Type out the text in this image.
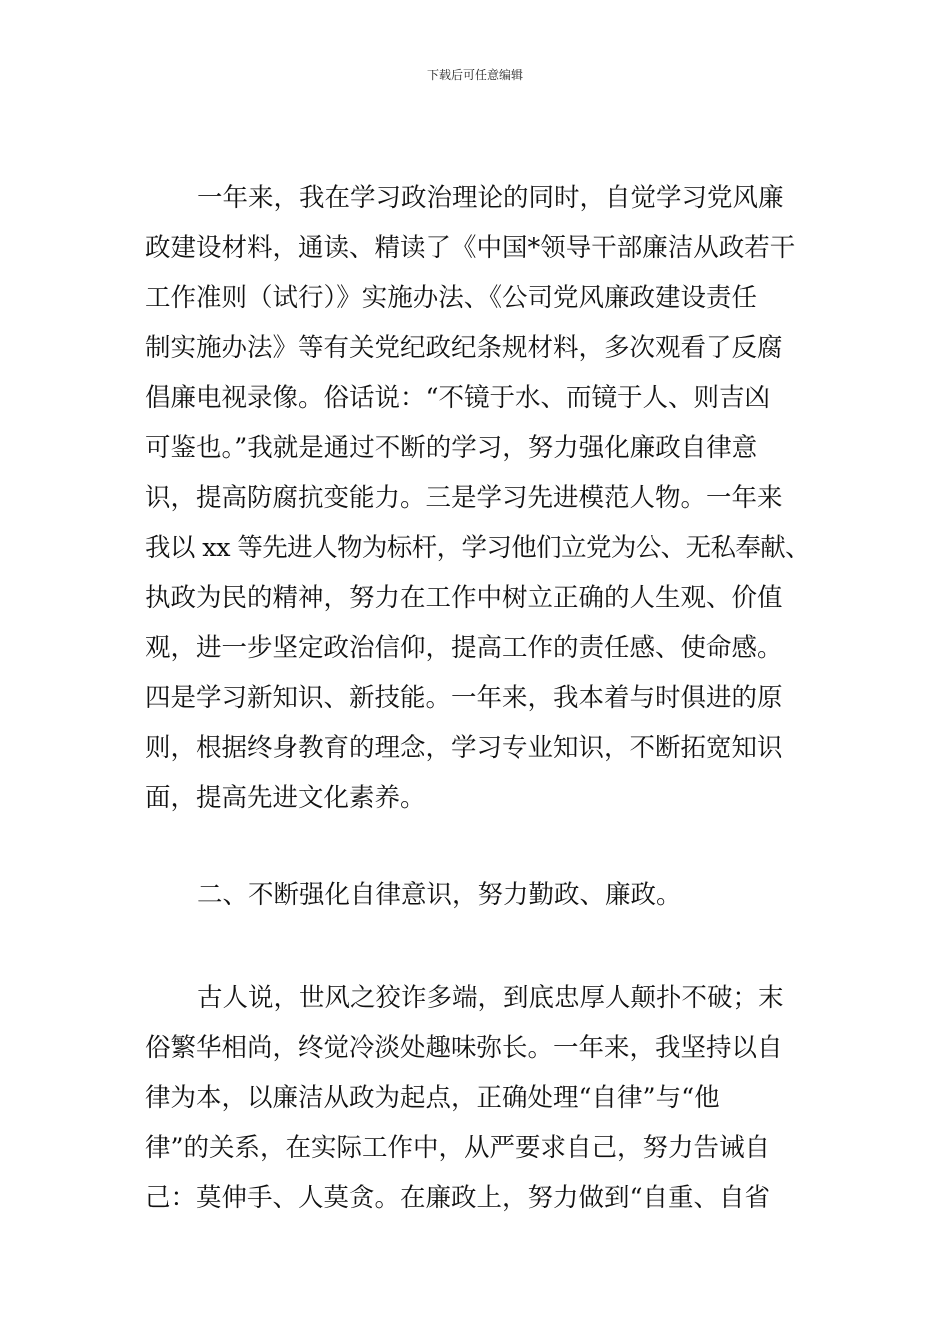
下载后可任意编辑
一年来，我在学习政治理论的同时，自觉学习党风廉
政建设材料，通读、精读了《中国*领导干部廉洁从政若干
工作准则（试行）》实施办法、《公司党风廉政建设责任
制实施办法》等有关党纪政纪条规材料，多次观看了反腐
倡廉电视录像。俗话说：“不镜于水、而镜于人、则吉凶
可鉴也。”我就是通过不断的学习，努力强化廉政自律意
识，提高防腐抗变能力。三是学习先进模范人物。一年来
我以 xx 等先进人物为标杆，学习他们立党为公、无私奉献、
执政为民的精神，努力在工作中树立正确的人生观、价值
观，进一步坚定政治信仰，提高工作的责任感、使命感。
四是学习新知识、新技能。一年来，我本着与时俱进的原
则，根据终身教育的理念，学习专业知识，不断拓宽知识
面，提高先进文化素养。
二、不断强化自律意识，努力勤政、廉政。
古人说，世风之狡诈多端，到底忠厚人颠扑不破；末
俗繁华相尚，终觉冷淡处趣味弥长。一年来，我坚持以自
律为本，以廉洁从政为起点，正确处理“自律”与“他
律”的关系，在实际工作中，从严要求自己，努力告诫自
己：莫伸手、人莫贪。在廉政上，努力做到“自重、自省
